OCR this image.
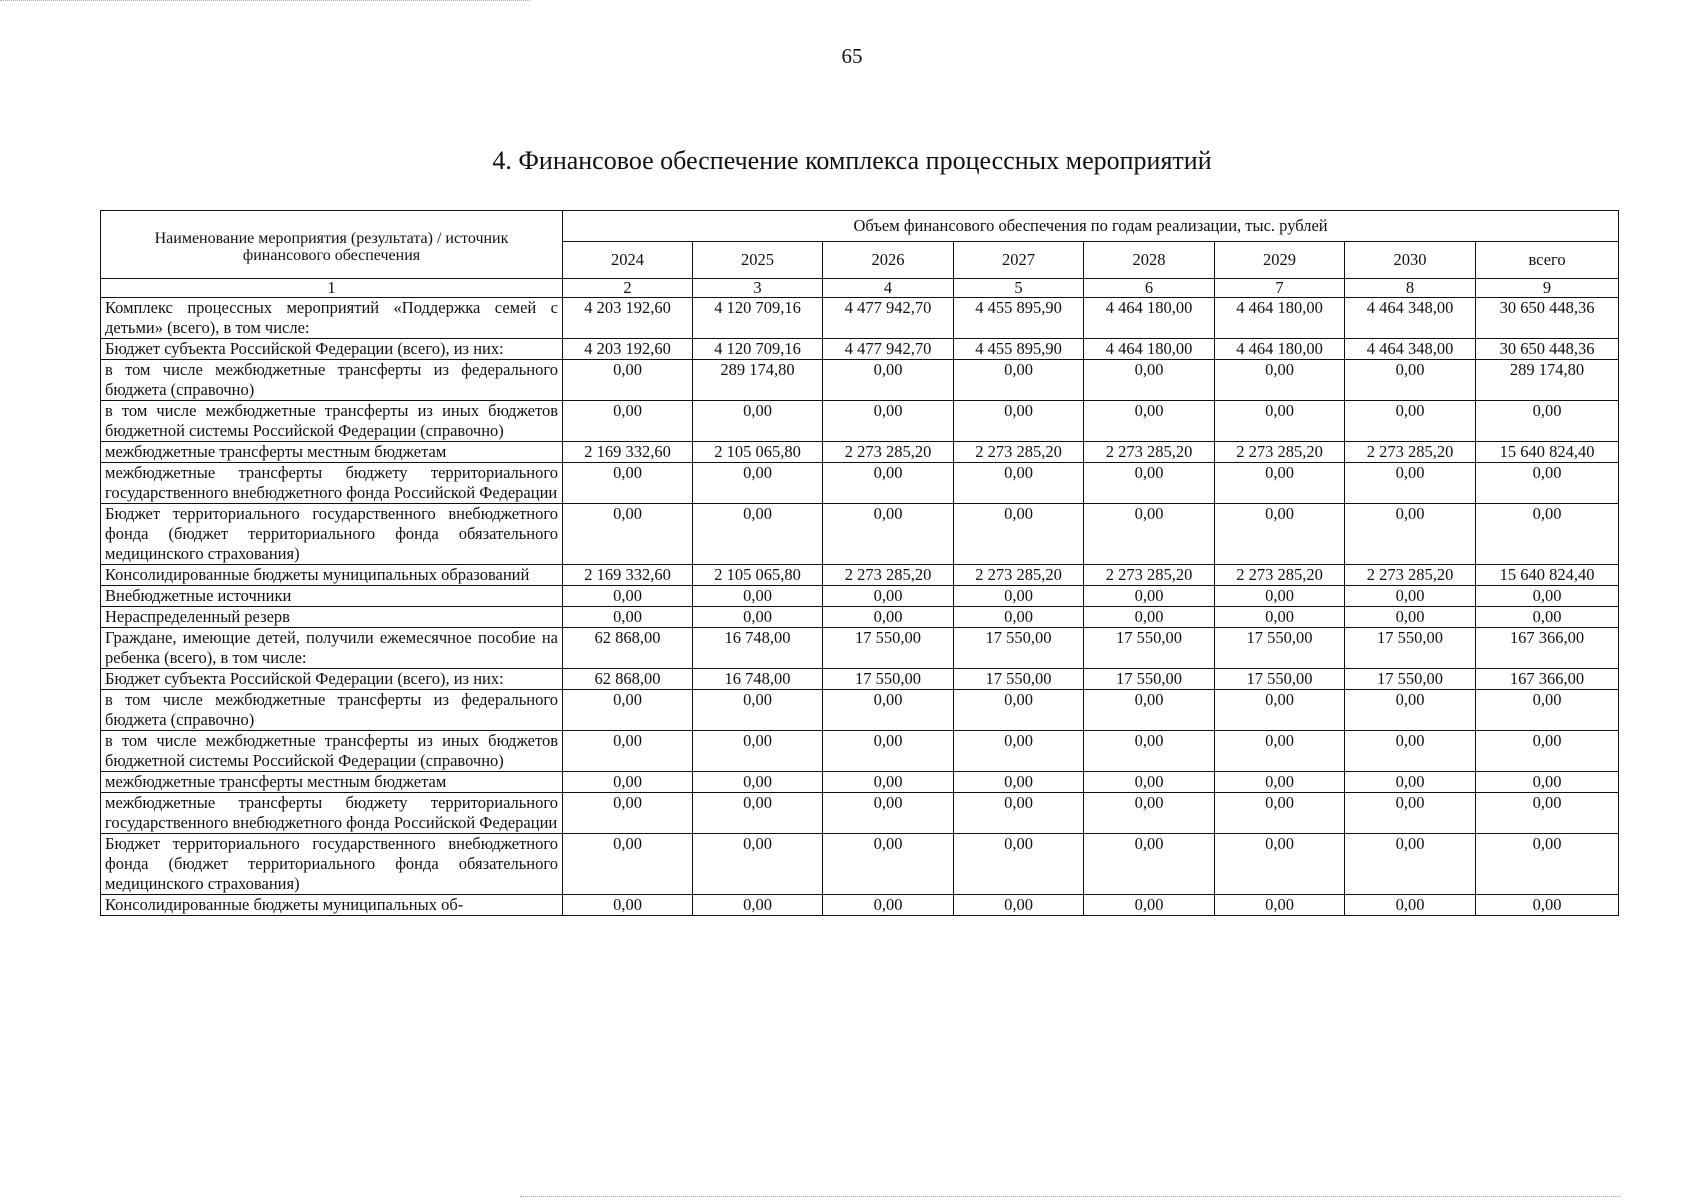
65
4. Финансовое обеспечение комплекса процессных мероприятий
Наименование мероприятия (результата) / источник финансового обеспечения	Объем финансового обеспечения по годам реализации, тыс. рублей							
	2024	2025	2026	2027	2028	2029	2030	всего
1	2	3	4	5	6	7	8	9
Комплекс процессных мероприятий «Поддержка семей с детьми» (всего), в том числе:	4 203 192,60	4 120 709,16	4 477 942,70	4 455 895,90	4 464 180,00	4 464 180,00	4 464 348,00	30 650 448,36
Бюджет субъекта Российской Федерации (всего), из них:	4 203 192,60	4 120 709,16	4 477 942,70	4 455 895,90	4 464 180,00	4 464 180,00	4 464 348,00	30 650 448,36
в том числе межбюджетные трансферты из федерального бюджета (справочно)	0,00	289 174,80	0,00	0,00	0,00	0,00	0,00	289 174,80
в том числе межбюджетные трансферты из иных бюджетов бюджетной системы Российской Федерации (справочно)	0,00	0,00	0,00	0,00	0,00	0,00	0,00	0,00
межбюджетные трансферты местным бюджетам	2 169 332,60	2 105 065,80	2 273 285,20	2 273 285,20	2 273 285,20	2 273 285,20	2 273 285,20	15 640 824,40
межбюджетные трансферты бюджету территориального государственного внебюджетного фонда Российской Федерации	0,00	0,00	0,00	0,00	0,00	0,00	0,00	0,00
Бюджет территориального государственного внебюджетного фонда (бюджет территориального фонда обязательного медицинского страхования)	0,00	0,00	0,00	0,00	0,00	0,00	0,00	0,00
Консолидированные бюджеты муниципальных образований	2 169 332,60	2 105 065,80	2 273 285,20	2 273 285,20	2 273 285,20	2 273 285,20	2 273 285,20	15 640 824,40
Внебюджетные источники	0,00	0,00	0,00	0,00	0,00	0,00	0,00	0,00
Нераспределенный резерв	0,00	0,00	0,00	0,00	0,00	0,00	0,00	0,00
Граждане, имеющие детей, получили ежемесячное пособие на ребенка (всего), в том числе:	62 868,00	16 748,00	17 550,00	17 550,00	17 550,00	17 550,00	17 550,00	167 366,00
Бюджет субъекта Российской Федерации (всего), из них:	62 868,00	16 748,00	17 550,00	17 550,00	17 550,00	17 550,00	17 550,00	167 366,00
в том числе межбюджетные трансферты из федерального бюджета (справочно)	0,00	0,00	0,00	0,00	0,00	0,00	0,00	0,00
в том числе межбюджетные трансферты из иных бюджетов бюджетной системы Российской Федерации (справочно)	0,00	0,00	0,00	0,00	0,00	0,00	0,00	0,00
межбюджетные трансферты местным бюджетам	0,00	0,00	0,00	0,00	0,00	0,00	0,00	0,00
межбюджетные трансферты бюджету территориального государственного внебюджетного фонда Российской Федерации	0,00	0,00	0,00	0,00	0,00	0,00	0,00	0,00
Бюджет территориального государственного внебюджетного фонда (бюджет территориального фонда обязательного медицинского страхования)	0,00	0,00	0,00	0,00	0,00	0,00	0,00	0,00
Консолидированные бюджеты муниципальных об-	0,00	0,00	0,00	0,00	0,00	0,00	0,00	0,00
